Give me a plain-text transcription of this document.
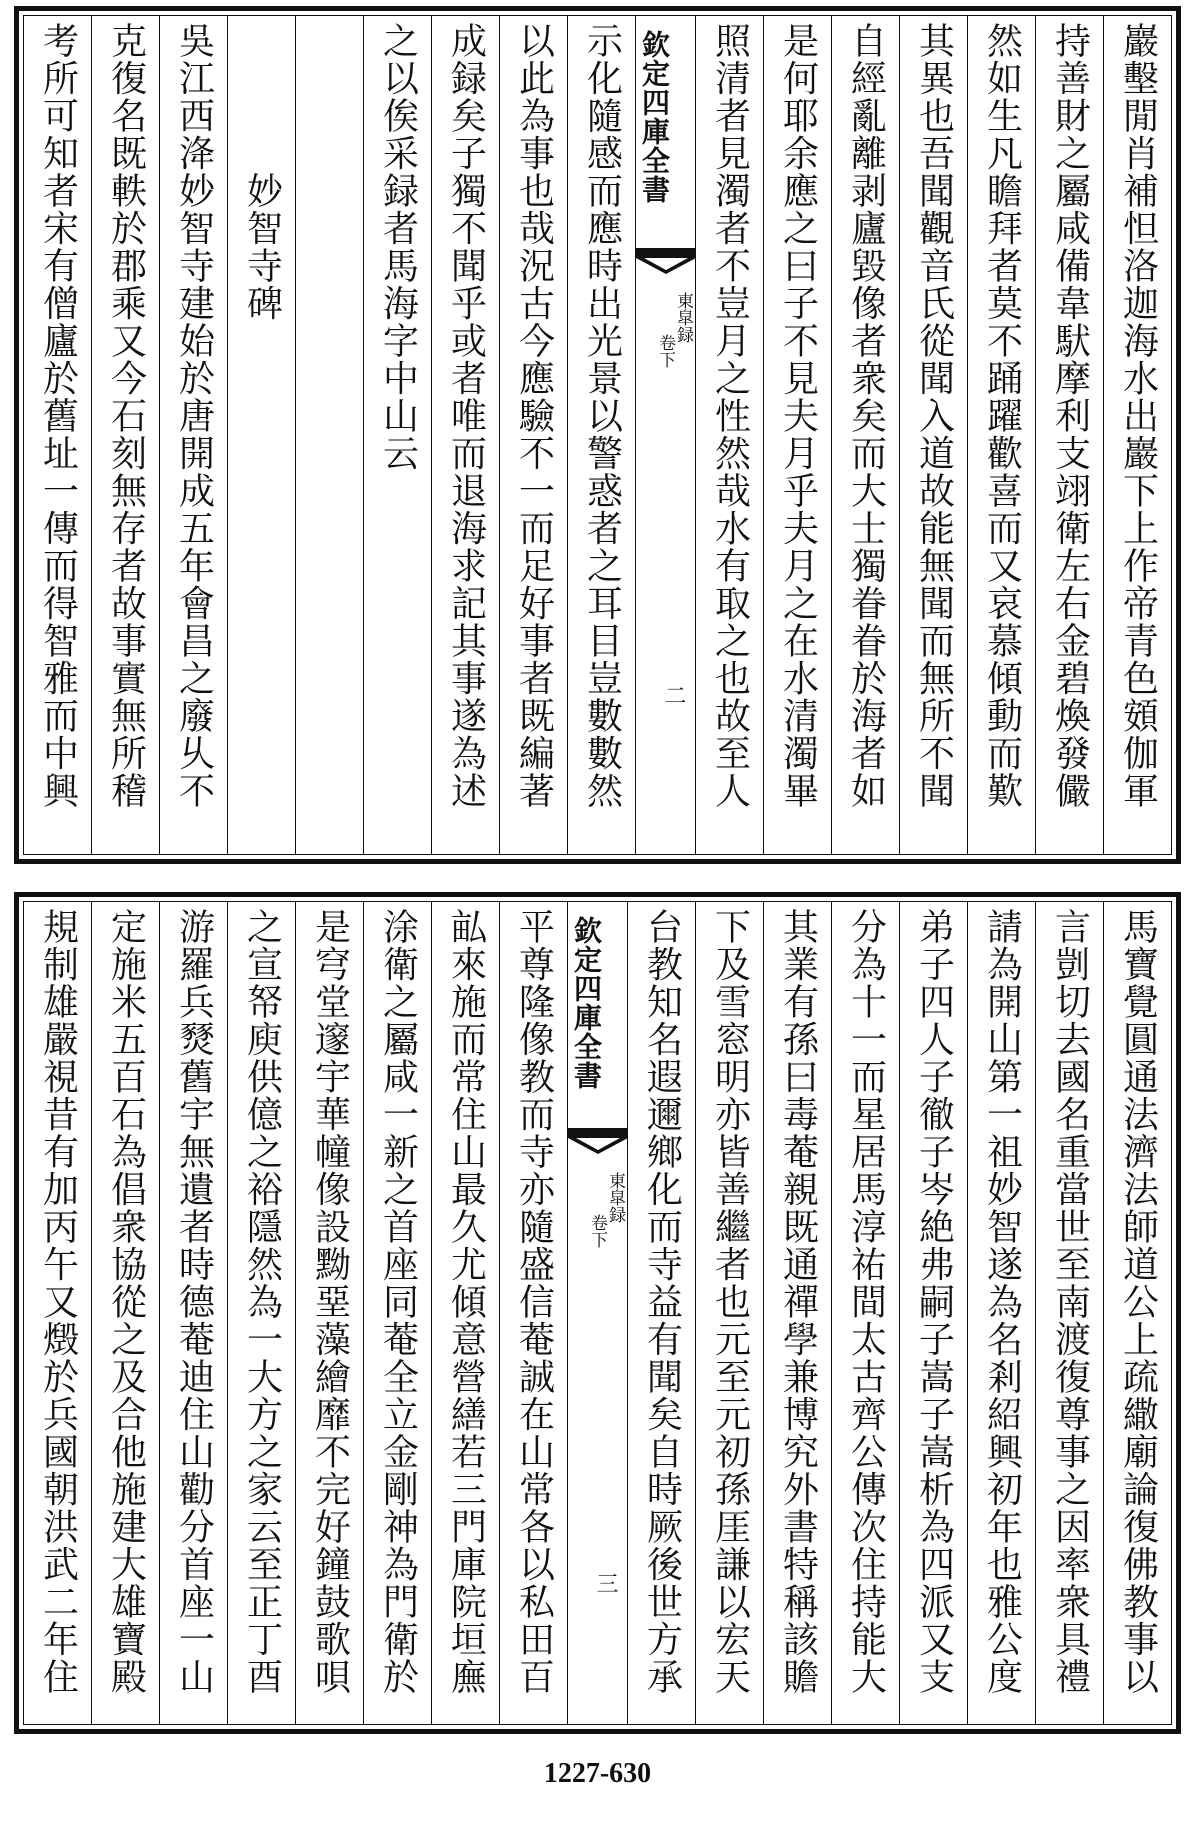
巖墼閒肖補怛洛迦海水出巖下上作帝青色頞伽軍
持善財之屬咸備韋䭾摩利支翊衛左右金碧煥發儼
然如生凡瞻拜者莫不踊躍歡喜而又哀慕傾動而歎
其異也吾聞觀音氏從聞入道故能無聞而無所不聞
自經亂離剥廬毀像者衆矣而大士獨眷眷於海者如
是何耶余應之曰子不見夫月乎夫月之在水清濁畢
照清者見濁者不豈月之性然哉水有取之也故至人
欽定四庫全書
東皐録
卷下
二
示化隨感而應時出光景以警惑者之耳目豈數數然
以此為事也哉況古今應驗不一而足好事者既編著
成録矣子獨不聞乎或者唯而退海求記其事遂為述
之以俟采録者馬海字中山云
妙智寺碑
吳江西洚妙智寺建始於唐開成五年會昌之廢乆不
克復名既軼於郡乘又今石刻無存者故事實無所稽
考所可知者宋有僧廬於舊址一傳而得智雅而中興
馬寶覺圓通法濟法師道公上疏繖廟論復佛教事以
言剴切去國名重當世至南渡復尊事之因率衆具禮
請為開山第一祖妙智遂為名剎紹興初年也雅公度
弟子四人子徹子岑絶弗嗣子嵩子嵩析為四派又支
分為十一而星居馬淳祐間太古齊公傳次住持能大
其業有孫曰毒菴親既通禪學兼博究外書特稱該贍
下及雪窓明亦皆善繼者也元至元初孫厓謙以宏天
台教知名遐邇鄉化而寺益有聞矣自時厥後世方承
欽定四庫全書
東皐録
卷下
三
平尊隆像教而寺亦隨盛信菴誠在山常各以私田百
畆來施而常住山最久尤傾意營繕若三門庫院垣廡
涂衛之屬咸一新之首座同菴全立金剛神為門衛於
是穹堂邃宇華幢像設黝堊藻繪靡不完好鐘鼓歌唄
之宣帑庾供億之裕隱然為一大方之家云至正丁酉
游羅兵燹舊宇無遺者時德菴迪住山勸分首座一山
定施米五百石為倡衆協從之及合他施建大雄寶殿
規制雄嚴視昔有加丙午又燬於兵國朝洪武二年住
1227-630
